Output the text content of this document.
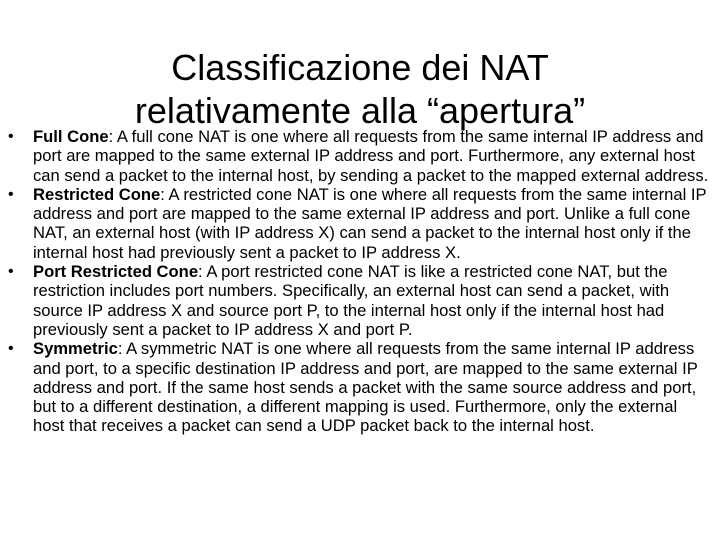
Classificazione dei NAT
relativamente alla “apertura”
• Full Cone: A full cone NAT is one where all requests from the same internal IP address and port are mapped to the same external IP address and port. Furthermore, any external host can send a packet to the internal host, by sending a packet to the mapped external address.
• Restricted Cone: A restricted cone NAT is one where all requests from the same internal IP address and port are mapped to the same external IP address and port. Unlike a full cone NAT, an external host (with IP address X) can send a packet to the internal host only if the internal host had previously sent a packet to IP address X.
• Port Restricted Cone: A port restricted cone NAT is like a restricted cone NAT, but the restriction includes port numbers. Specifically, an external host can send a packet, with source IP address X and source port P, to the internal host only if the internal host had previously sent a packet to IP address X and port P.
• Symmetric: A symmetric NAT is one where all requests from the same internal IP address and port, to a specific destination IP address and port, are mapped to the same external IP address and port. If the same host sends a packet with the same source address and port, but to a different destination, a different mapping is used. Furthermore, only the external host that receives a packet can send a UDP packet back to the internal host.
